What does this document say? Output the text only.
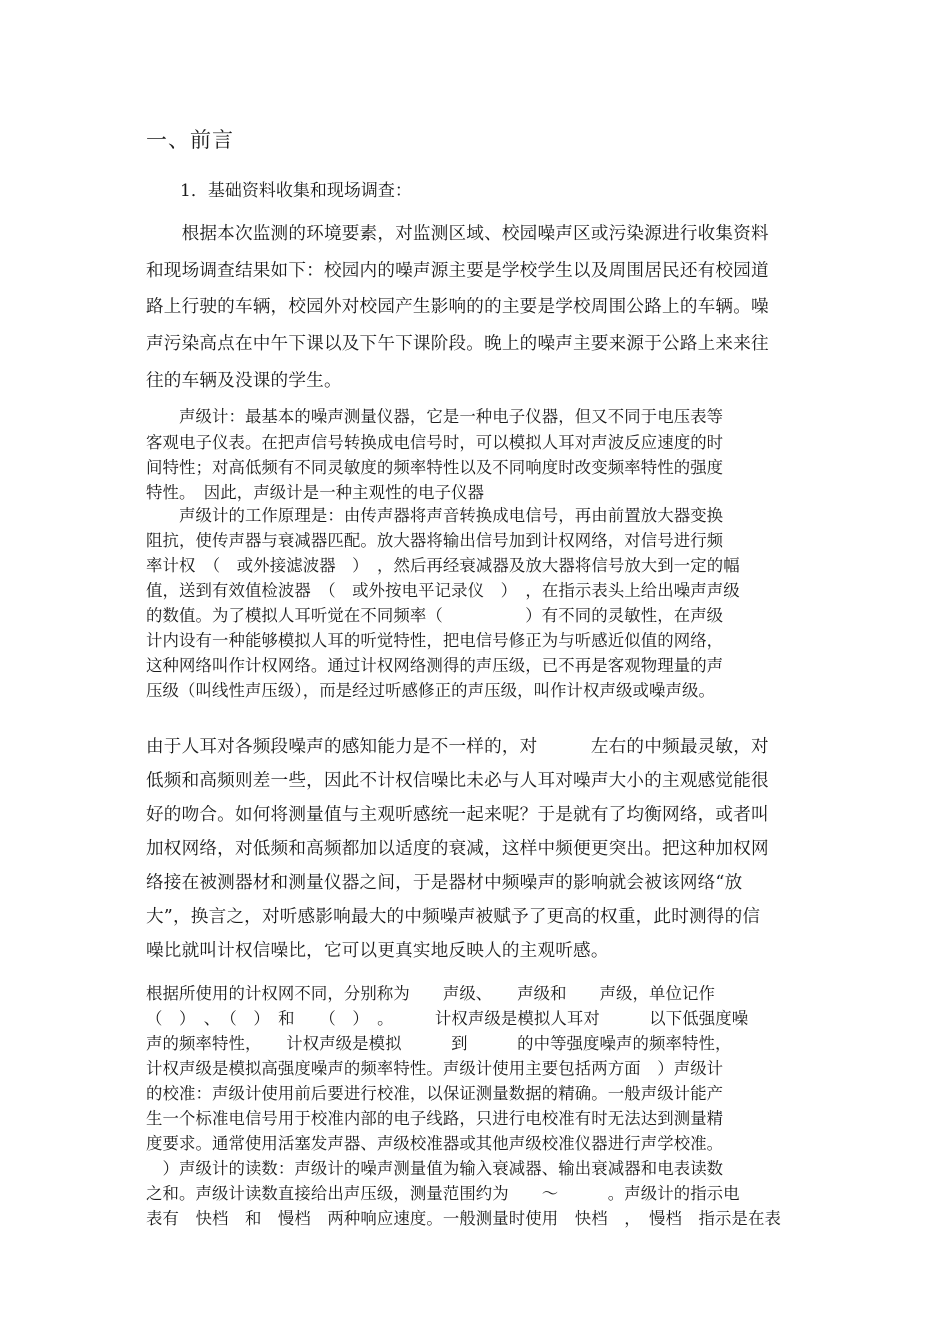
一、前言
1．基础资料收集和现场调查：
　　根据本次监测的环境要素，对监测区域、校园噪声区或污染源进行收集资料
和现场调查结果如下：校园内的噪声源主要是学校学生以及周围居民还有校园道
路上行驶的车辆，校园外对校园产生影响的的主要是学校周围公路上的车辆。噪
声污染高点在中午下课以及下午下课阶段。晚上的噪声主要来源于公路上来来往
往的车辆及没课的学生。
　　声级计：最基本的噪声测量仪器，它是一种电子仪器，但又不同于电压表等
客观电子仪表。在把声信号转换成电信号时，可以模拟人耳对声波反应速度的时
间特性；对高低频有不同灵敏度的频率特性以及不同响度时改变频率特性的强度
特性。　因此，声级计是一种主观性的电子仪器
　　声级计的工作原理是：由传声器将声音转换成电信号，再由前置放大器变换
阻抗，使传声器与衰减器匹配。放大器将输出信号加到计权网络，对信号进行频
率计权　（　或外接滤波器　）　，然后再经衰减器及放大器将信号放大到一定的幅
值，送到有效值检波器　（　或外按电平记录仪　）　，在指示表头上给出噪声声级
的数值。为了模拟人耳听觉在不同频率（　　　　　）有不同的灵敏性，在声级
计内设有一种能够模拟人耳的听觉特性，把电信号修正为与听感近似值的网络，
这种网络叫作计权网络。通过计权网络测得的声压级，已不再是客观物理量的声
压级（叫线性声压级），而是经过听感修正的声压级，叫作计权声级或噪声级。
由于人耳对各频段噪声的感知能力是不一样的，对　　　左右的中频最灵敏，对
低频和高频则差一些，因此不计权信噪比未必与人耳对噪声大小的主观感觉能很
好的吻合。如何将测量值与主观听感统一起来呢？于是就有了均衡网络，或者叫
加权网络，对低频和高频都加以适度的衰减，这样中频便更突出。把这种加权网
络接在被测器材和测量仪器之间，于是器材中频噪声的影响就会被该网络“放
大”，换言之，对听感影响最大的中频噪声被赋予了更高的权重，此时测得的信
噪比就叫计权信噪比，它可以更真实地反映人的主观听感。
根据所使用的计权网不同，分别称为　　声级、　　声级和　　声级，单位记作
（　）　、　（　）　和　　（　）　。　　　计权声级是模拟人耳对　　　以下低强度噪
声的频率特性，　　计权声级是模拟　　　到　　　的中等强度噪声的频率特性，
计权声级是模拟高强度噪声的频率特性。声级计使用主要包括两方面　）声级计
的校准：声级计使用前后要进行校准，以保证测量数据的精确。一般声级计能产
生一个标准电信号用于校准内部的电子线路，只进行电校准有时无法达到测量精
度要求。通常使用活塞发声器、声级校准器或其他声级校准仪器进行声学校准。
　）声级计的读数：声级计的噪声测量值为输入衰减器、输出衰减器和电表读数
之和。声级计读数直接给出声压级，测量范围约为　　～　　　。声级计的指示电
表有　快档　和　慢档　两种响应速度。一般测量时使用　快档　，　慢档　指示是在表
